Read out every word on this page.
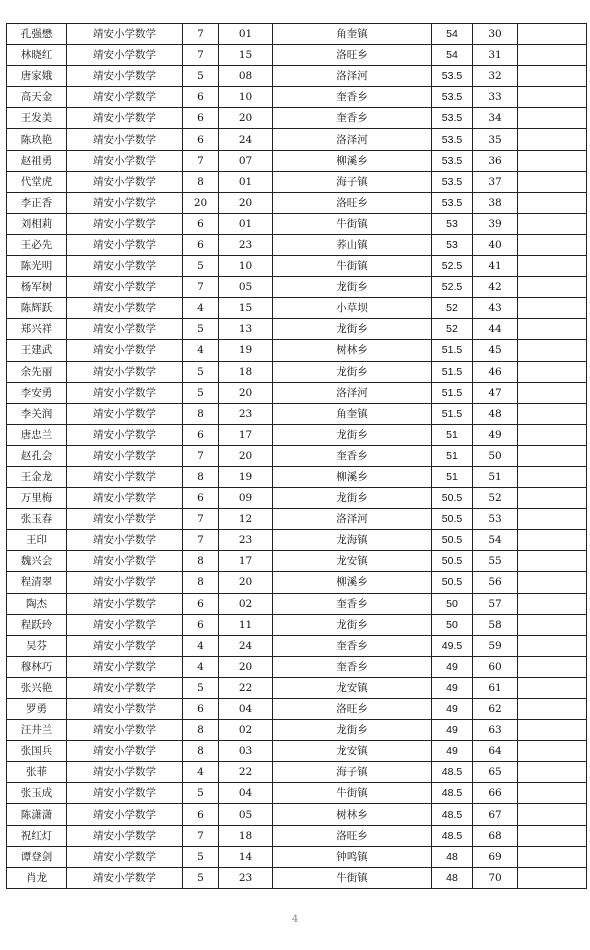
孔强懋	靖安小学数学	7	01	角奎镇	54	30	
林晓红	靖安小学数学	7	15	洛旺乡	54	31	
唐家娥	靖安小学数学	5	08	洛泽河	53.5	32	
高天金	靖安小学数学	6	10	奎香乡	53.5	33	
王发美	靖安小学数学	6	20	奎香乡	53.5	34	
陈玖艳	靖安小学数学	6	24	洛泽河	53.5	35	
赵祖勇	靖安小学数学	7	07	柳溪乡	53.5	36	
代堂虎	靖安小学数学	8	01	海子镇	53.5	37	
李正香	靖安小学数学	20	20	洛旺乡	53.5	38	
刘相莉	靖安小学数学	6	01	牛街镇	53	39	
王必先	靖安小学数学	6	23	荞山镇	53	40	
陈光明	靖安小学数学	5	10	牛街镇	52.5	41	
杨军树	靖安小学数学	7	05	龙街乡	52.5	42	
陈辉跃	靖安小学数学	4	15	小草坝	52	43	
郑兴祥	靖安小学数学	5	13	龙街乡	52	44	
王建武	靖安小学数学	4	19	树林乡	51.5	45	
余先丽	靖安小学数学	5	18	龙街乡	51.5	46	
李安勇	靖安小学数学	5	20	洛泽河	51.5	47	
李关润	靖安小学数学	8	23	角奎镇	51.5	48	
唐忠兰	靖安小学数学	6	17	龙街乡	51	49	
赵孔会	靖安小学数学	7	20	奎香乡	51	50	
王金龙	靖安小学数学	8	19	柳溪乡	51	51	
万里梅	靖安小学数学	6	09	龙街乡	50.5	52	
张玉春	靖安小学数学	7	12	洛泽河	50.5	53	
王印	靖安小学数学	7	23	龙海镇	50.5	54	
魏兴会	靖安小学数学	8	17	龙安镇	50.5	55	
程清翠	靖安小学数学	8	20	柳溪乡	50.5	56	
陶杰	靖安小学数学	6	02	奎香乡	50	57	
程跃玲	靖安小学数学	6	11	龙街乡	50	58	
吴芬	靖安小学数学	4	24	奎香乡	49.5	59	
穆林巧	靖安小学数学	4	20	奎香乡	49	60	
张兴艳	靖安小学数学	5	22	龙安镇	49	61	
罗勇	靖安小学数学	6	04	洛旺乡	49	62	
汪井兰	靖安小学数学	8	02	龙街乡	49	63	
张国兵	靖安小学数学	8	03	龙安镇	49	64	
张菲	靖安小学数学	4	22	海子镇	48.5	65	
张玉成	靖安小学数学	5	04	牛街镇	48.5	66	
陈潇潇	靖安小学数学	6	05	树林乡	48.5	67	
祝红灯	靖安小学数学	7	18	洛旺乡	48.5	68	
谭登剑	靖安小学数学	5	14	钟鸣镇	48	69	
肖龙	靖安小学数学	5	23	牛街镇	48	70	
4
